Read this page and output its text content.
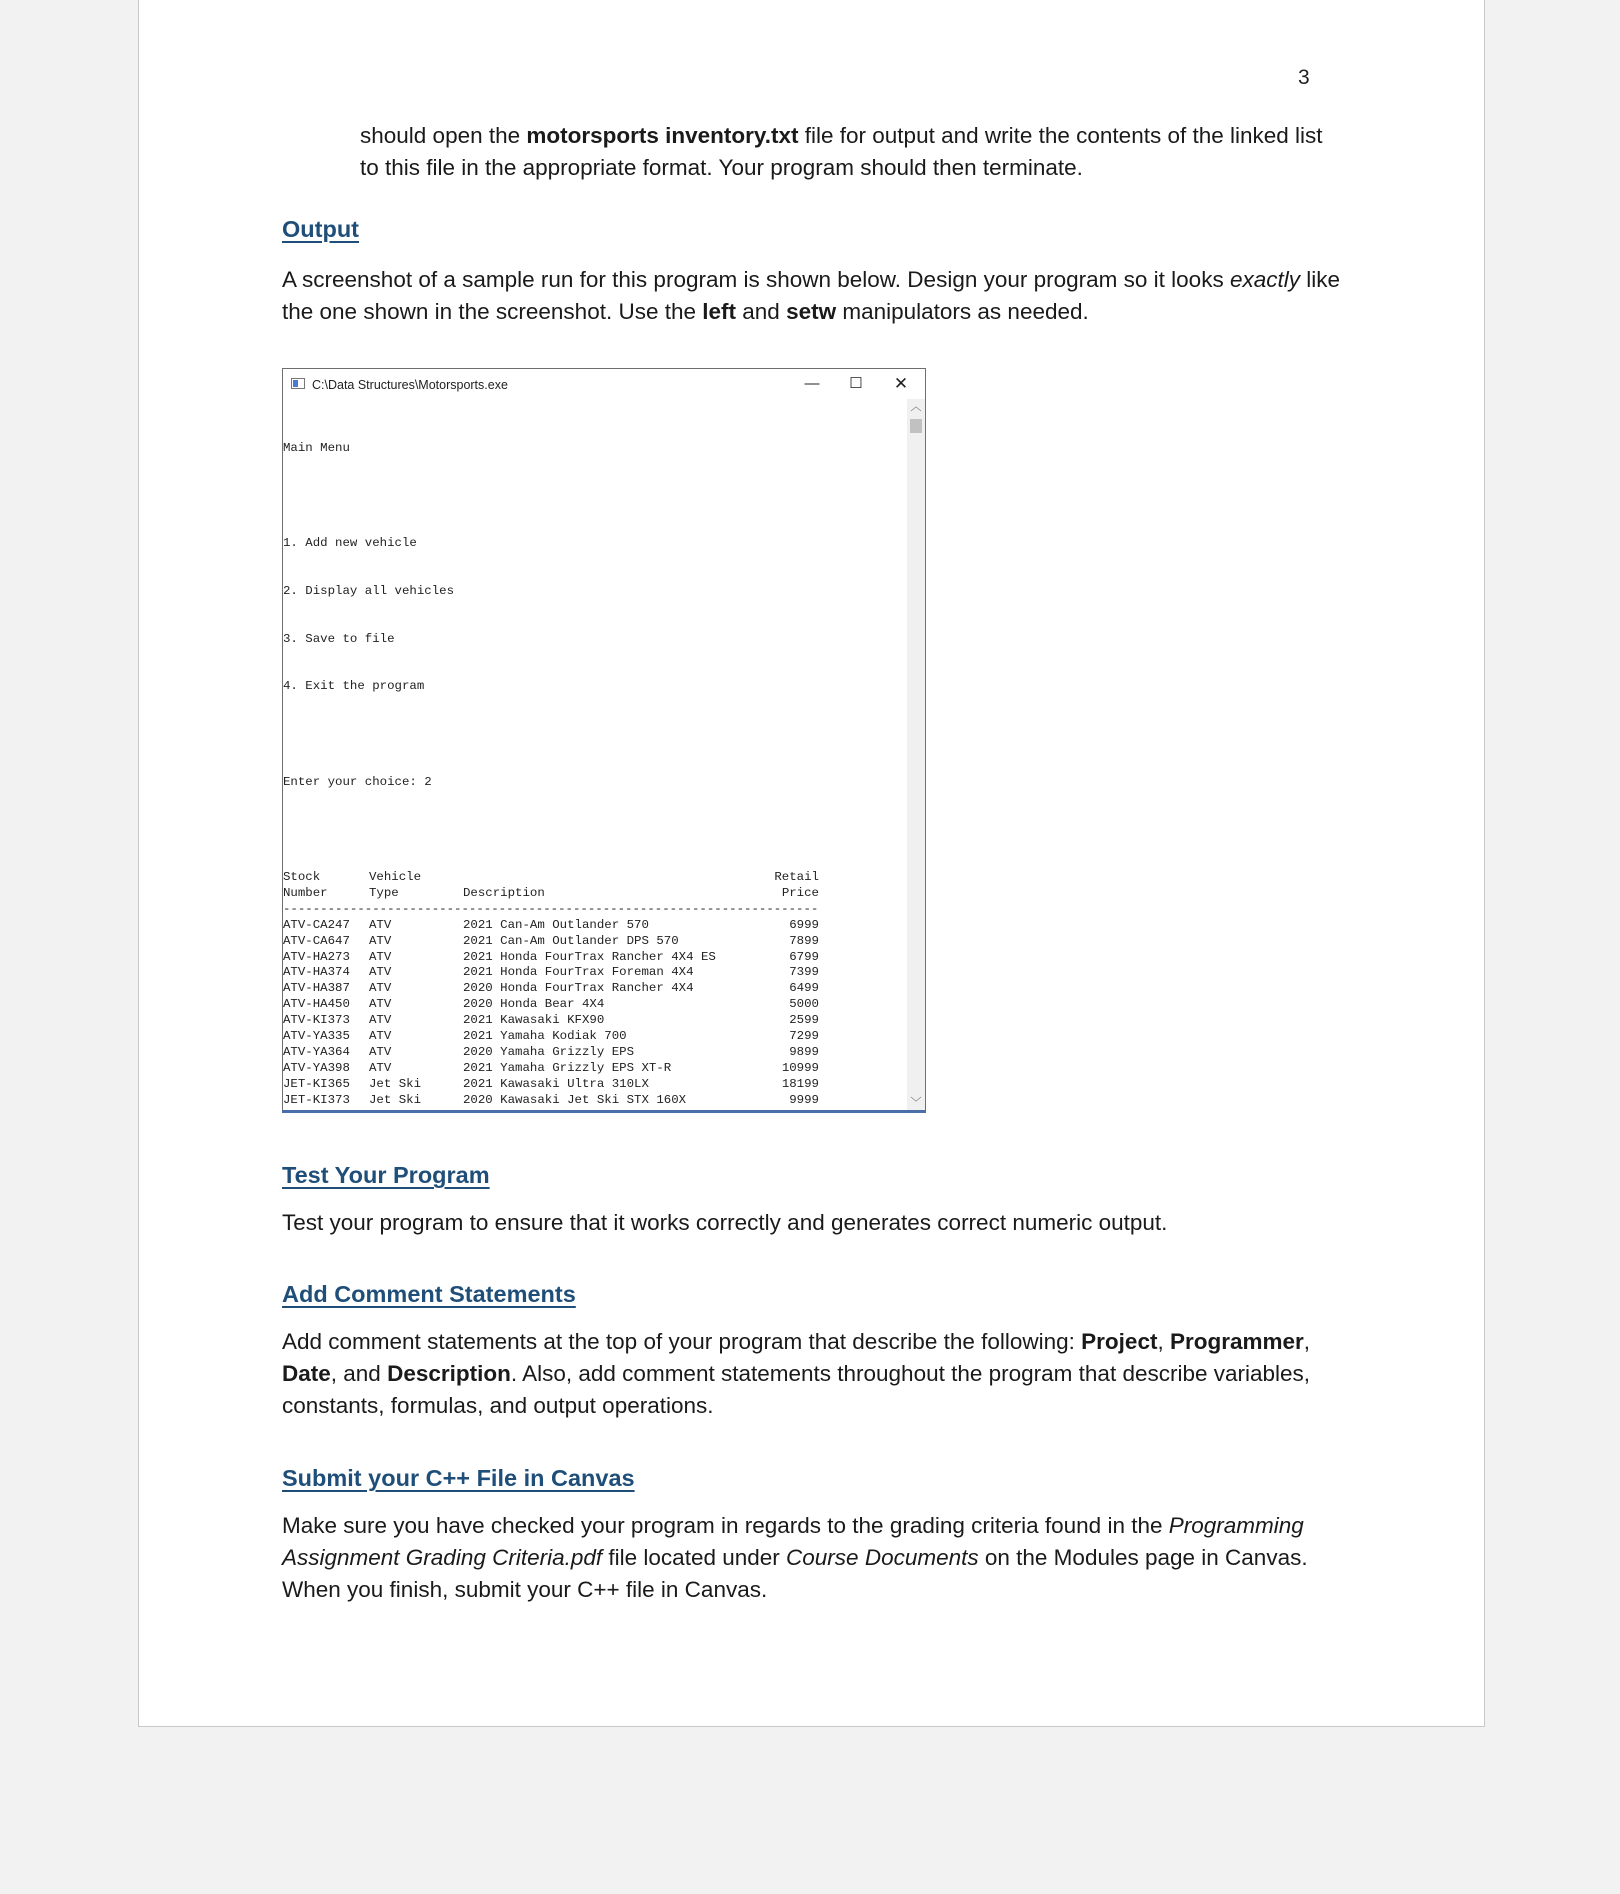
3

should open the motorsports inventory.txt file for output and write the contents of the linked list to this file in the appropriate format. Your program should then terminate.

Output

A screenshot of a sample run for this program is shown below. Design your program so it looks exactly like the one shown in the screenshot. Use the left and setw manipulators as needed.

C:\Data Structures\Motorsports.exe	—	☐	✕

Main Menu

1. Add new vehicle

2. Display all vehicles

3. Save to file

4. Exit the program

Enter your choice: 2

Stock	Vehicle	Retail
Number	Type	Description	Price
------------------------------------------------------------------------
ATV-CA247 ATV	2021 Can-Am Outlander 570	6999
ATV-CA647 ATV	2021 Can-Am Outlander DPS 570	7899
ATV-HA273 ATV	2021 Honda FourTrax Rancher 4X4 ES	6799
ATV-HA374 ATV	2021 Honda FourTrax Foreman 4X4	7399
ATV-HA387 ATV	2020 Honda FourTrax Rancher 4X4	6499
ATV-HA450 ATV	2020 Honda Bear 4X4	5000
ATV-KI373 ATV	2021 Kawasaki KFX90	2599
ATV-YA335 ATV	2021 Yamaha Kodiak 700	7299
ATV-YA364 ATV	2020 Yamaha Grizzly EPS	9899
ATV-YA398 ATV	2021 Yamaha Grizzly EPS XT-R	10999
JET-KI365 Jet Ski	2021 Kawasaki Ultra 310LX	18199
JET-KI373 Jet Ski	2020 Kawasaki Jet Ski STX 160X	9999

︿
﹀
Test Your Program

Test your program to ensure that it works correctly and generates correct numeric output.

Add Comment Statements

Add comment statements at the top of your program that describe the following: Project, Programmer, Date, and Description. Also, add comment statements throughout the program that describe variables, constants, formulas, and output operations.

Submit your C++ File in Canvas

Make sure you have checked your program in regards to the grading criteria found in the Programming Assignment Grading Criteria.pdf file located under Course Documents on the Modules page in Canvas. When you finish, submit your C++ file in Canvas.
